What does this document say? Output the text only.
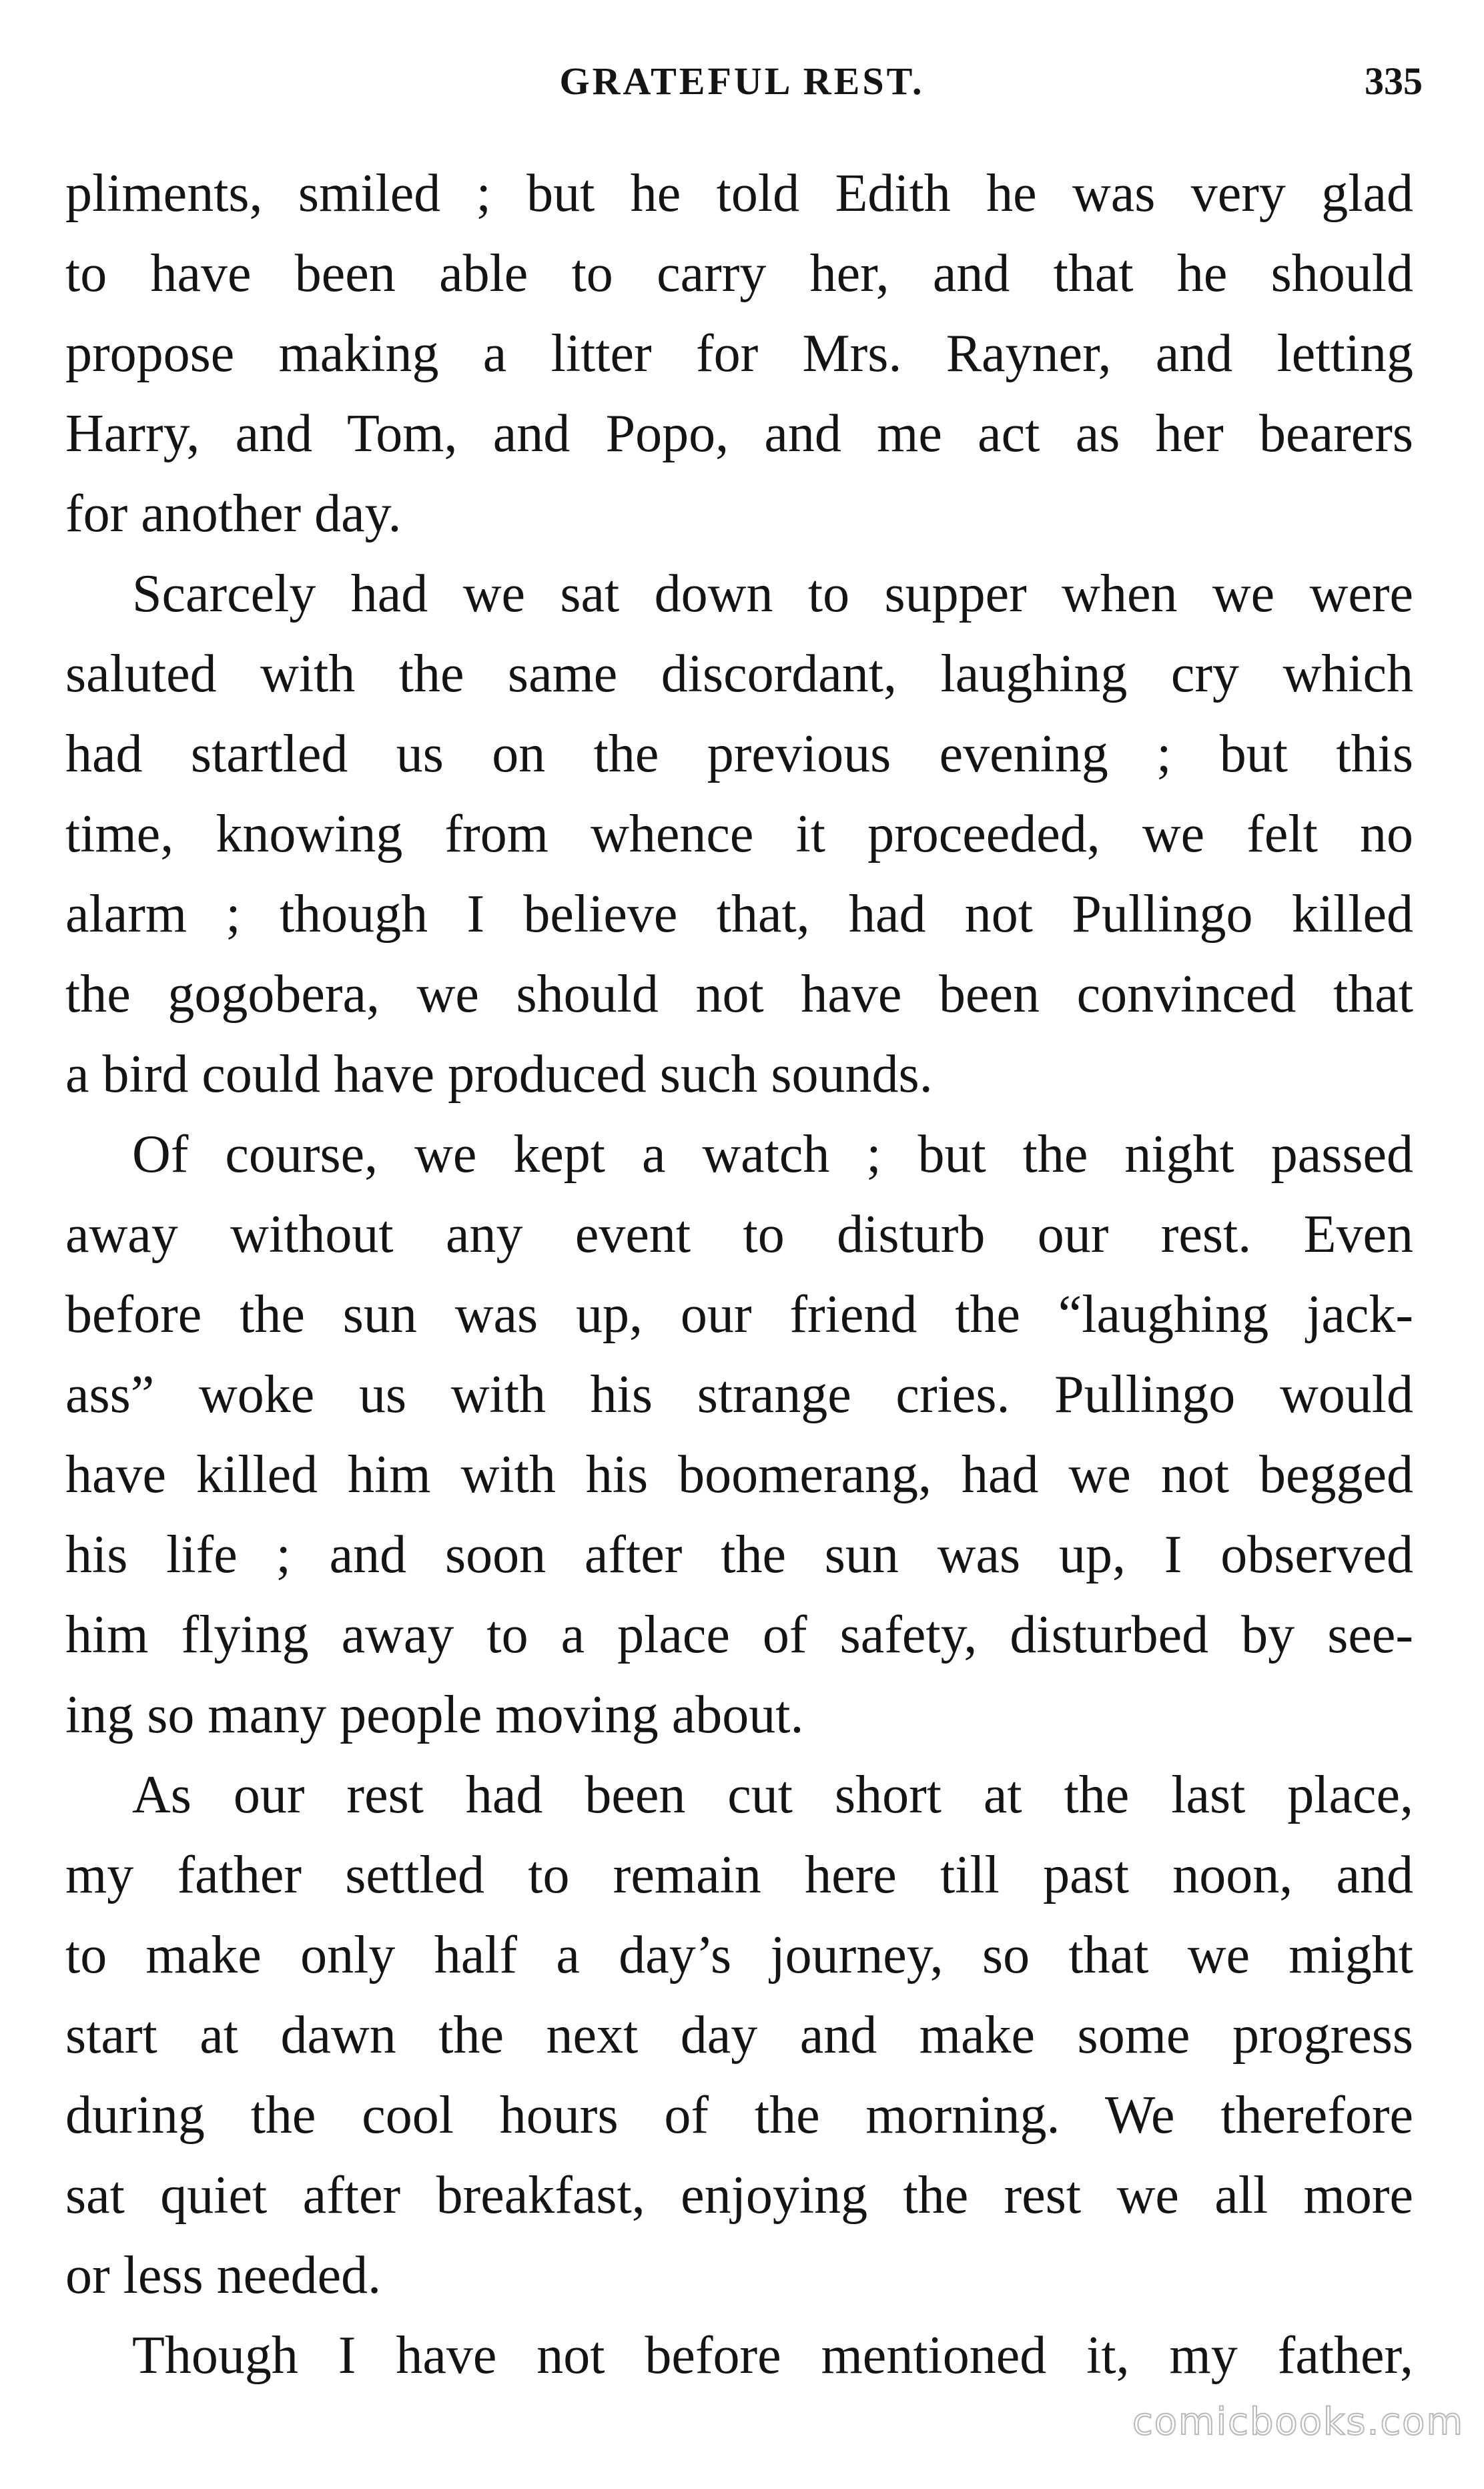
GRATEFUL REST.	335
pliments, smiled ; but he told Edith he was very glad
to have been able to carry her, and that he should
propose making a litter for Mrs. Rayner, and letting
Harry, and Tom, and Popo, and me act as her bearers
for another day.
Scarcely had we sat down to supper when we were
saluted with the same discordant, laughing cry which
had startled us on the previous evening ; but this
time, knowing from whence it proceeded, we felt no
alarm ; though I believe that, had not Pullingo killed
the gogobera, we should not have been convinced that
a bird could have produced such sounds.
Of course, we kept a watch ; but the night passed
away without any event to disturb our rest. Even
before the sun was up, our friend the “laughing jack-
ass” woke us with his strange cries. Pullingo would
have killed him with his boomerang, had we not begged
his life ; and soon after the sun was up, I observed
him flying away to a place of safety, disturbed by see-
ing so many people moving about.
As our rest had been cut short at the last place,
my father settled to remain here till past noon, and
to make only half a day’s journey, so that we might
start at dawn the next day and make some progress
during the cool hours of the morning. We therefore
sat quiet after breakfast, enjoying the rest we all more
or less needed.
Though I have not before mentioned it, my father,
comicbooks.com
